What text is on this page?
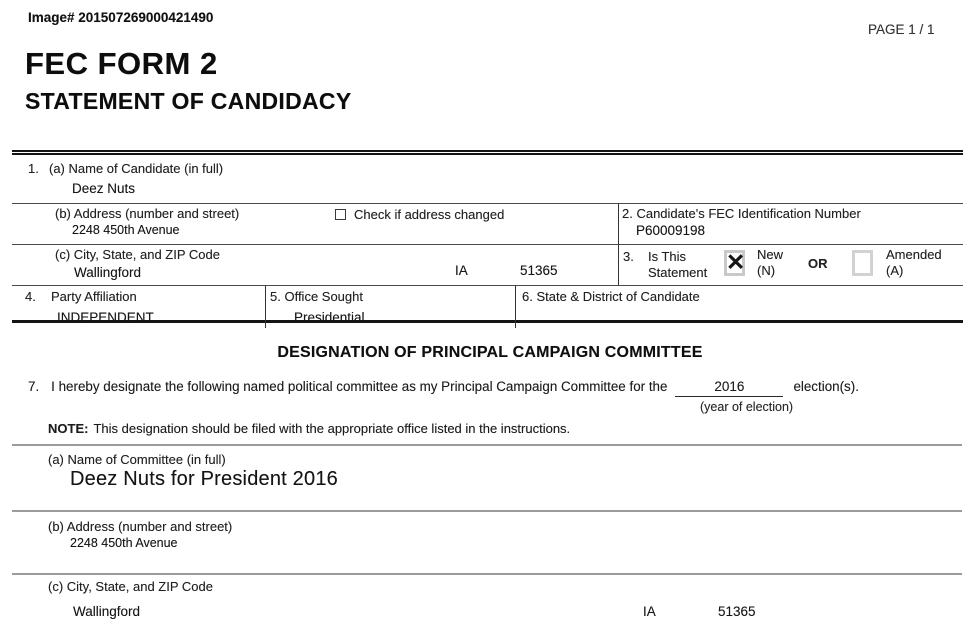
Image# 201507269000421490
PAGE 1 / 1
FEC FORM 2
STATEMENT OF CANDIDACY
1. (a) Name of Candidate (in full)
Deez Nuts
(b) Address (number and street)
2248 450th Avenue
Check if address changed	2. Candidate's FEC Identification Number
P60009198
(c) City, State, and ZIP Code
Wallingford	IA	51365
3. Is This
Statement ✕ New
(N)	OR
Amended
(A)
4. Party Affiliation
INDEPENDENT
5. Office Sought
Presidential
6. State & District of Candidate
DESIGNATION OF PRINCIPAL CAMPAIGN COMMITTEE
7. I hereby designate the following named political committee as my Principal Campaign Committee for the	2016	election(s).
(year of election)
NOTE: This designation should be filed with the appropriate office listed in the instructions.
(a) Name of Committee (in full)
Deez Nuts for President 2016
(b) Address (number and street)
2248 450th Avenue
(c) City, State, and ZIP Code
Wallingford	IA	51365
